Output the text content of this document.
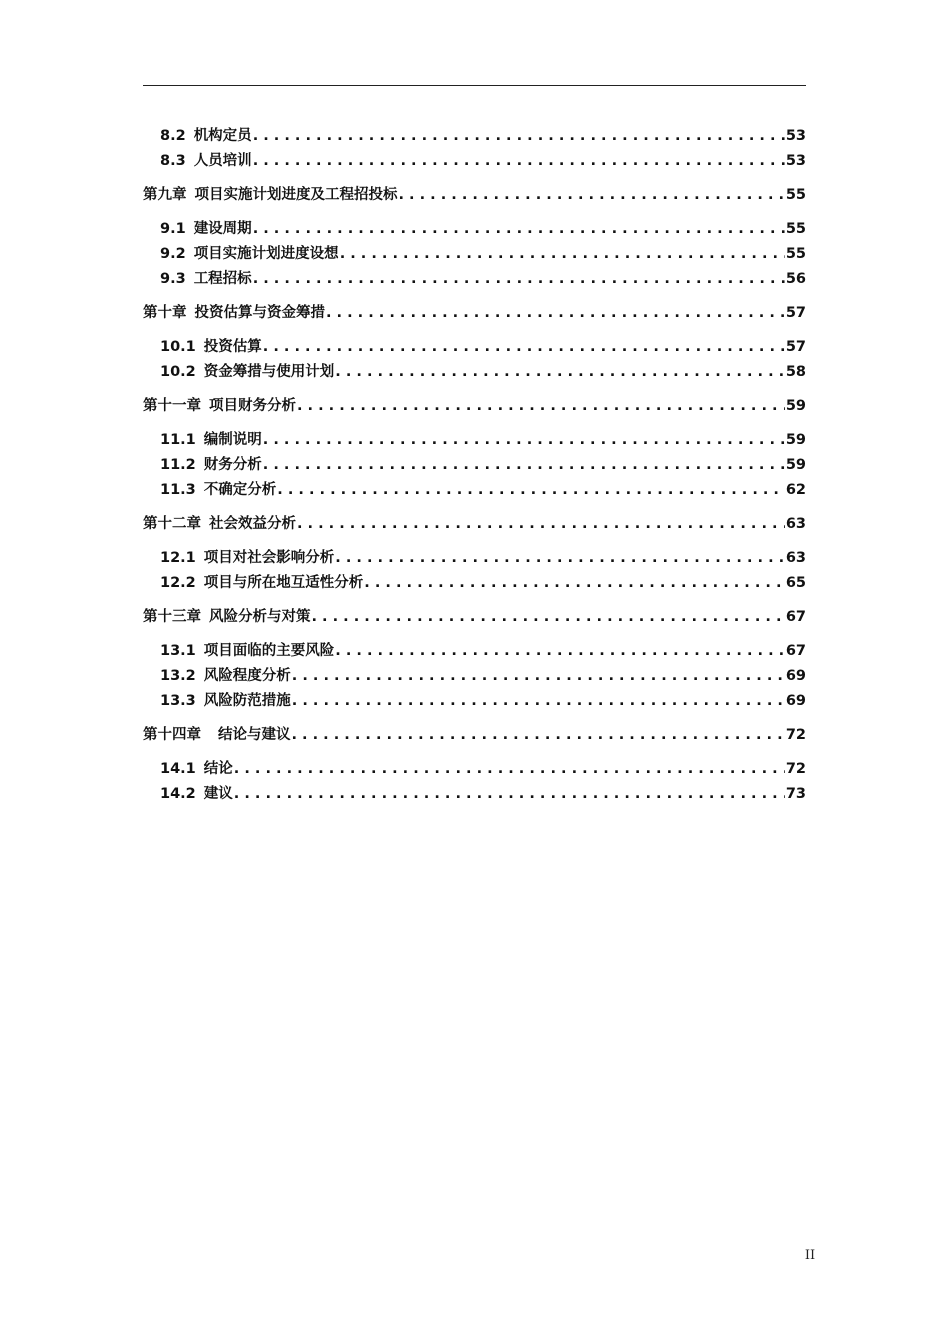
8.2 机构定员 . . .	53
8.3 人员培训 . . .	53
第九章 项目实施计划进度及工程招投标 . . .	55
9.1 建设周期 . . .	55
9.2 项目实施计划进度设想 . . .	55
9.3 工程招标 . . .	56
第十章 投资估算与资金筹措 . . .	57
10.1 投资估算 . . .	57
10.2 资金筹措与使用计划 . . .	58
第十一章 项目财务分析 . . .	59
11.1 编制说明 . . .	59
11.2 财务分析 . . .	59
11.3 不确定分析 . . .	62
第十二章 社会效益分析 . . .	63
12.1 项目对社会影响分析 . . .	63
12.2 项目与所在地互适性分析 . . .	65
第十三章 风险分析与对策 . . .	67
13.1 项目面临的主要风险 . . .	67
13.2 风险程度分析 . . .	69
13.3 风险防范措施 . . .	69
第十四章 结论与建议 . . .	72
14.1 结论 . . .	72
14.2 建议 . . .	73
II
